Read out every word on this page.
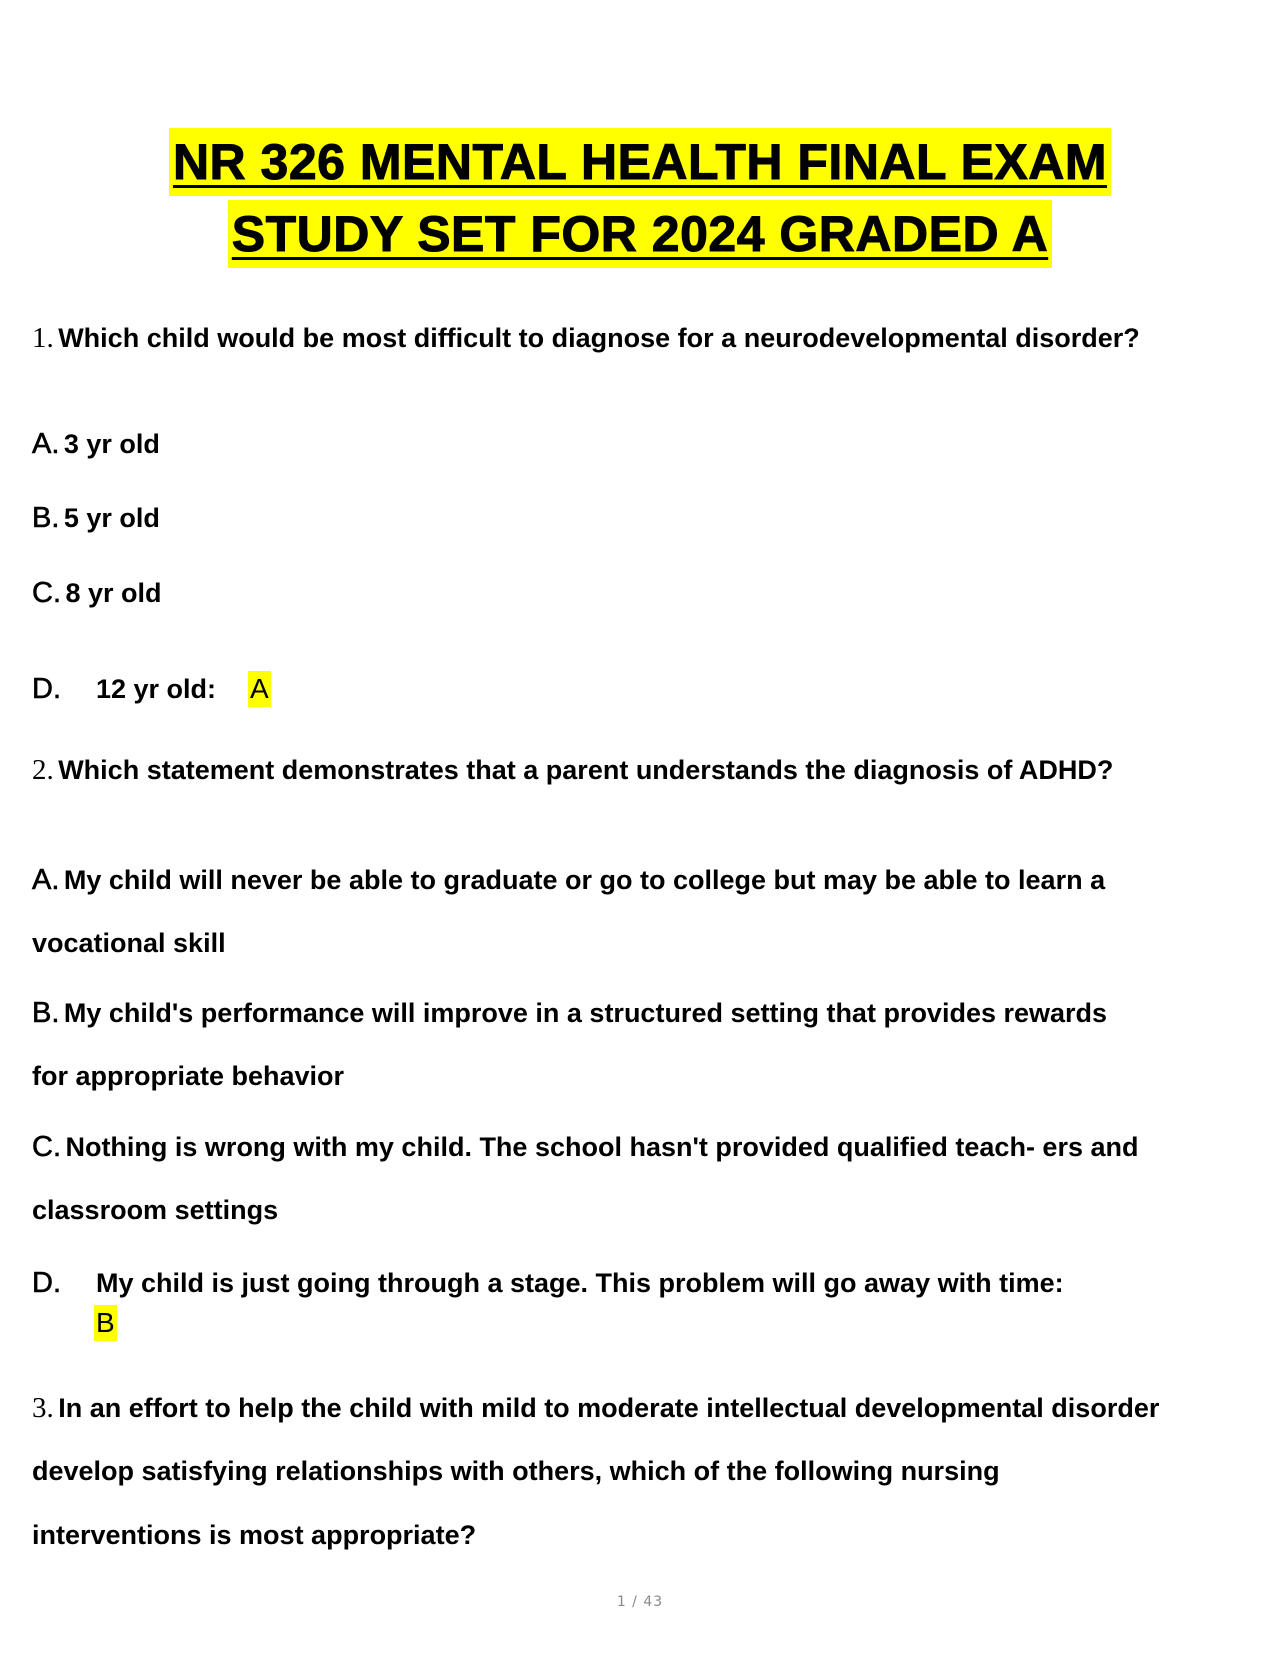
NR 326 MENTAL HEALTH FINAL EXAM
STUDY SET FOR 2024 GRADED A
1. Which child would be most difficult to diagnose for a neurodevelopmental disorder?
A. 3 yr old
B. 5 yr old
C. 8 yr old
D. 12 yr old: A
2. Which statement demonstrates that a parent understands the diagnosis of ADHD?
A. My child will never be able to graduate or go to college but may be able to learn a
vocational skill
B. My child's performance will improve in a structured setting that provides rewards
for appropriate behavior
C. Nothing is wrong with my child. The school hasn't provided qualified teach- ers and
classroom settings
D. My child is just going through a stage. This problem will go away with time:
B
3. In an effort to help the child with mild to moderate intellectual developmental disorder
develop satisfying relationships with others, which of the following nursing
interventions is most appropriate?
1 / 43
